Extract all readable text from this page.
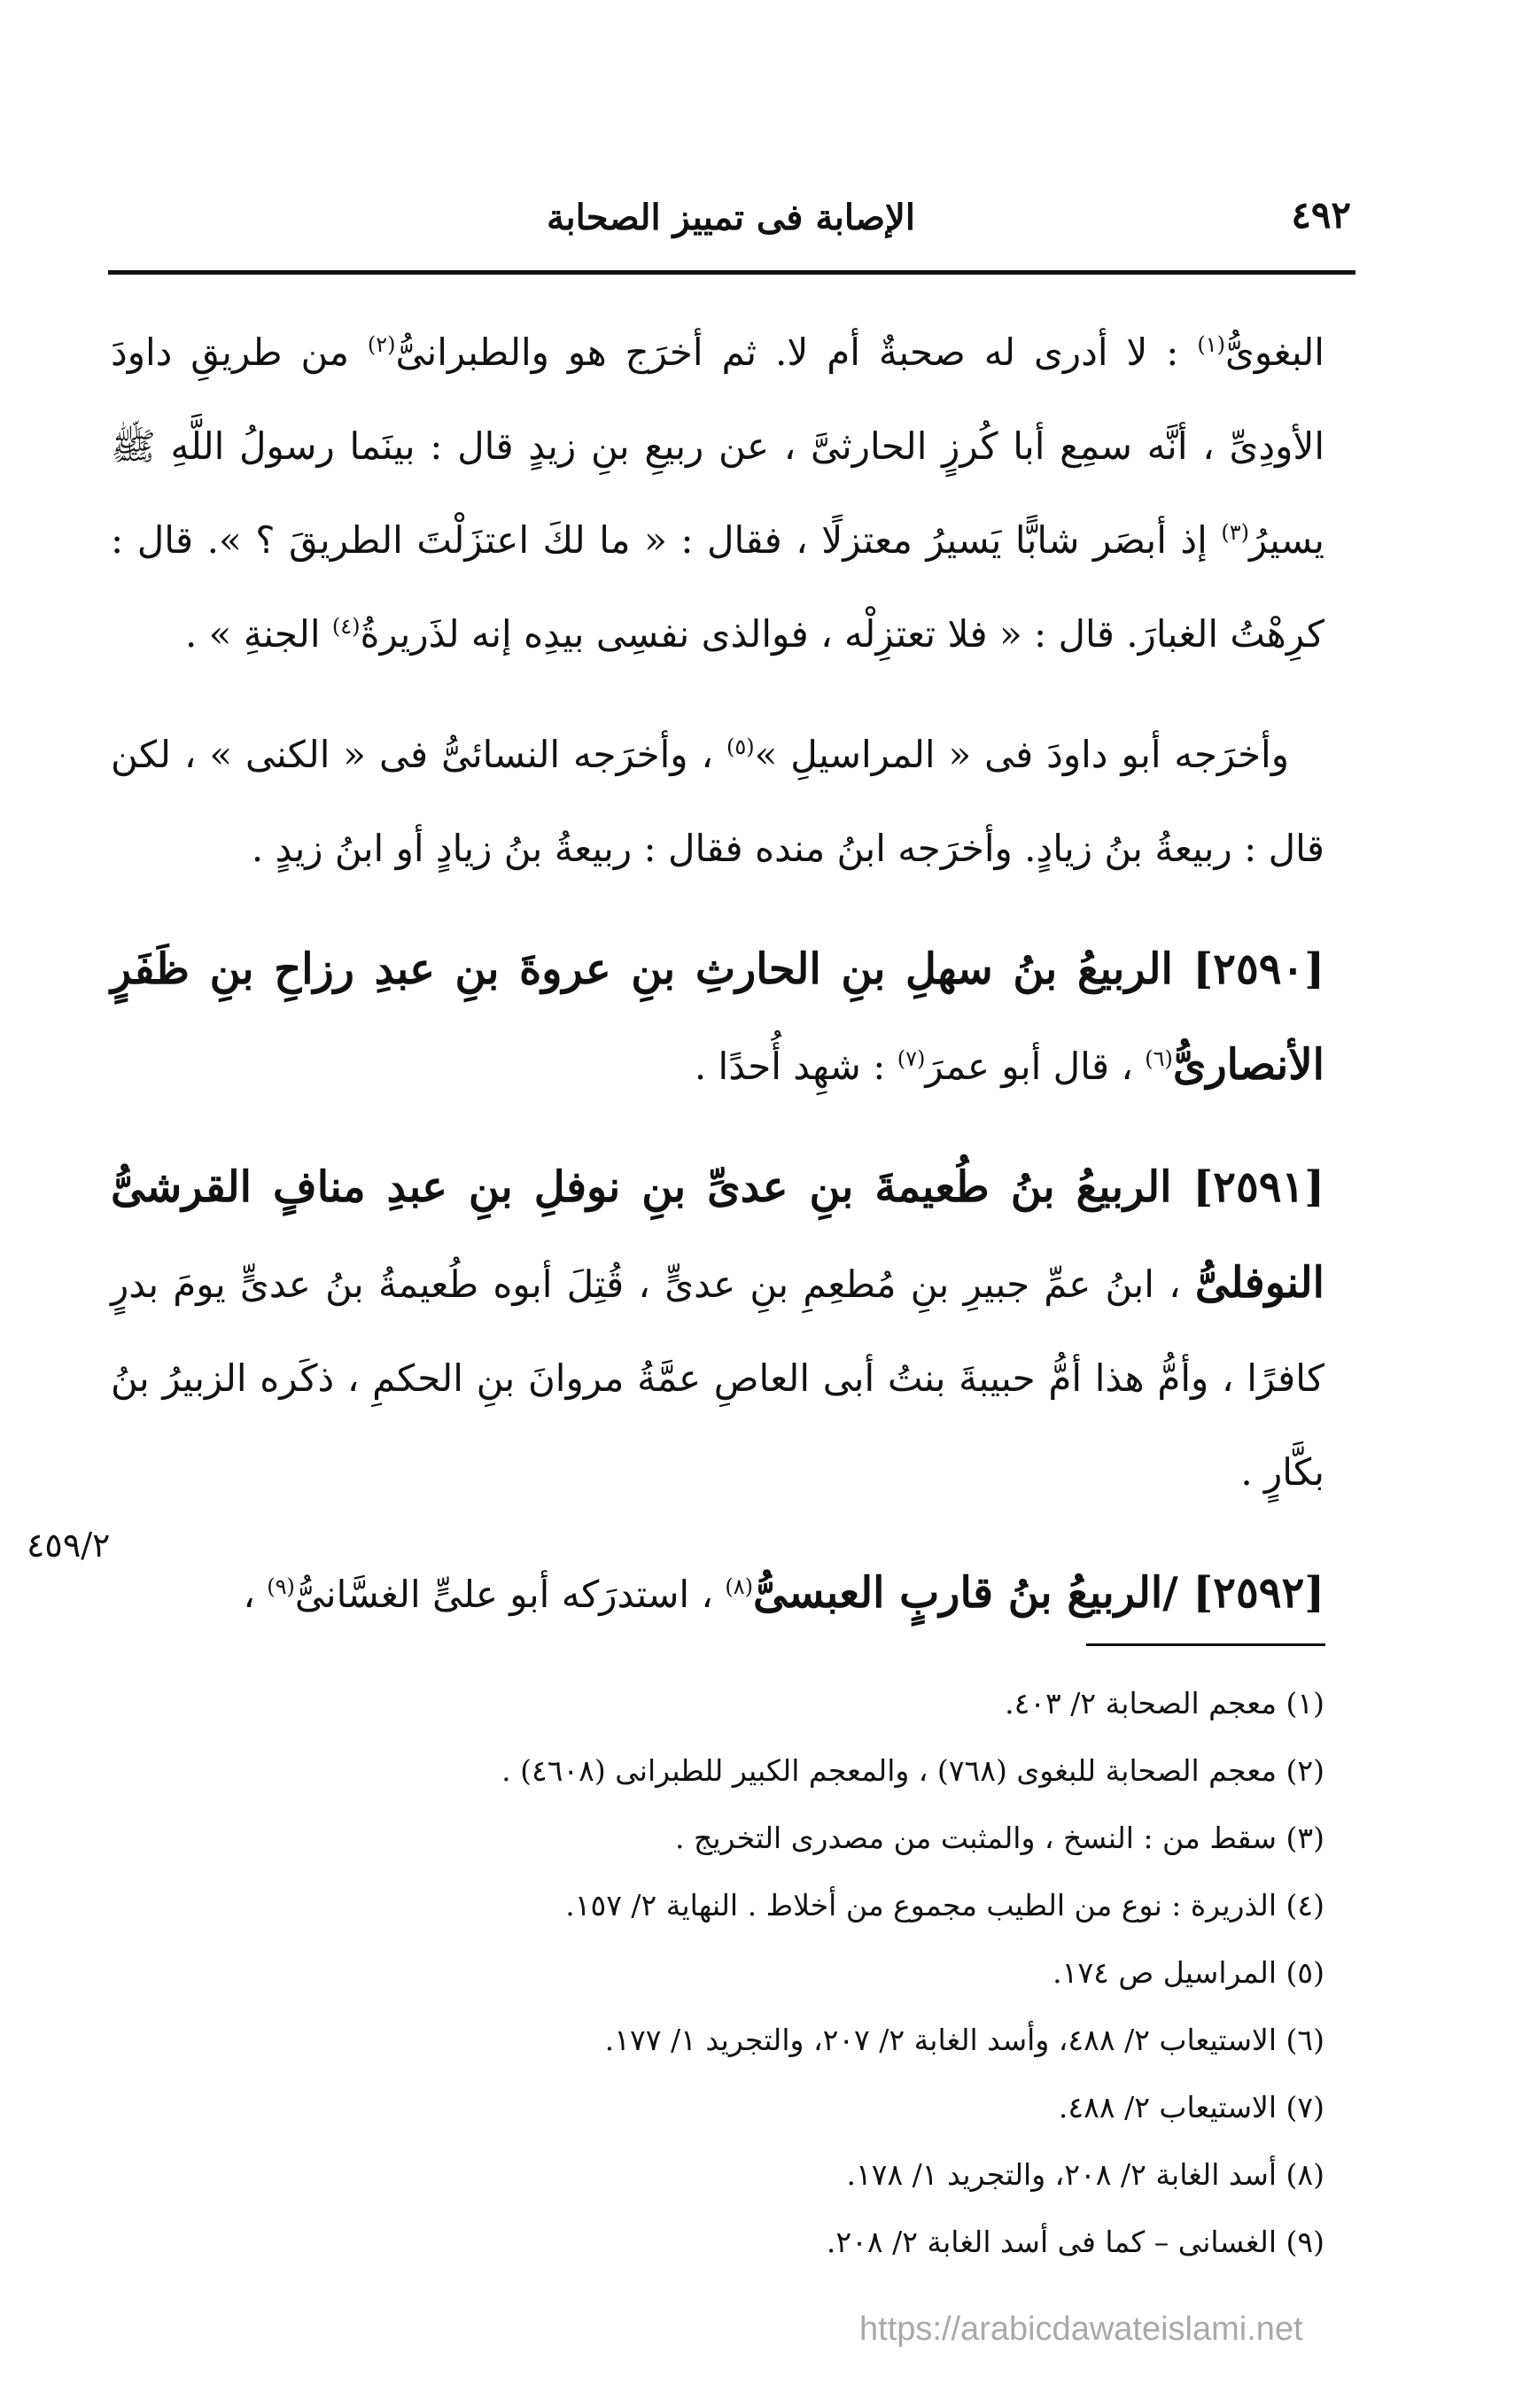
٤٩٢
الإصابة فى تمييز الصحابة

البغوىُّ$^{(١)}$ : لا أدرى له صحبةٌ أم لا. ثم أخرَج هو والطبرانىُّ$^{(٢)}$ من طريقِ داودَ الأودِىِّ ، أنَّه سمِع أبا كُرزٍ الحارثىَّ ، عن ربيعِ بنِ زيدٍ قال : بينَما رسولُ اللَّهِ ﷺ يسيرُ$^{(٣)}$ إذ أبصَر شابًّا يَسيرُ معتزلًا ، فقال : « ما لكَ اعتزَلْتَ الطريقَ ؟ ». قال : كرِهْتُ الغبارَ. قال : « فلا تعتزِلْه ، فوالذى نفسِى بيدِه إنه لذَريرةُ$^{(٤)}$ الجنةِ » .

وأخرَجه أبو داودَ فى « المراسيلِ »$^{(٥)}$ ، وأخرَجه النسائىُّ فى « الكنى » ، لكن قال : ربيعةُ بنُ زيادٍ. وأخرَجه ابنُ منده فقال : ربيعةُ بنُ زيادٍ أو ابنُ زيدٍ .

[٢٥٩٠] الربيعُ بنُ سهلِ بنِ الحارثِ بنِ عروةَ بنِ عبدِ رزاحِ بنِ ظَفَرٍ الأنصارىُّ$^{(٦)}$ ، قال أبو عمرَ$^{(٧)}$ : شهِد أُحدًا .

[٢٥٩١] الربيعُ بنُ طُعيمةَ بنِ عدىِّ بنِ نوفلِ بنِ عبدِ منافٍ القرشىُّ النوفلىُّ ، ابنُ عمِّ جبيرِ بنِ مُطعِمِ بنِ عدىٍّ ، قُتِلَ أبوه طُعيمةُ بنُ عدىٍّ يومَ بدرٍ كافرًا ، وأمُّ هذا أمُّ حبيبةَ بنتُ أبى العاصِ عمَّةُ مروانَ بنِ الحكمِ ، ذكَره الزبيرُ بنُ بكَّارٍ .

[٢٥٩٢] /الربيعُ بنُ قاربٍ العبسىُّ$^{(٨)}$ ، استدرَكه أبو علىٍّ الغسَّانىُّ$^{(٩)}$ ،

٤٥٩/٢
(١) معجم الصحابة ٢/ ٤٠٣.
(٢) معجم الصحابة للبغوى (٧٦٨) ، والمعجم الكبير للطبرانى (٤٦٠٨) .
(٣) سقط من : النسخ ، والمثبت من مصدرى التخريج .
(٤) الذريرة : نوع من الطيب مجموع من أخلاط . النهاية ٢/ ١٥٧.
(٥) المراسيل ص ١٧٤.
(٦) الاستيعاب ٢/ ٤٨٨، وأسد الغابة ٢/ ٢٠٧، والتجريد ١/ ١٧٧.
(٧) الاستيعاب ٢/ ٤٨٨.
(٨) أسد الغابة ٢/ ٢٠٨، والتجريد ١/ ١٧٨.
(٩) الغسانى – كما فى أسد الغابة ٢/ ٢٠٨.
https://arabicdawateislami.net
